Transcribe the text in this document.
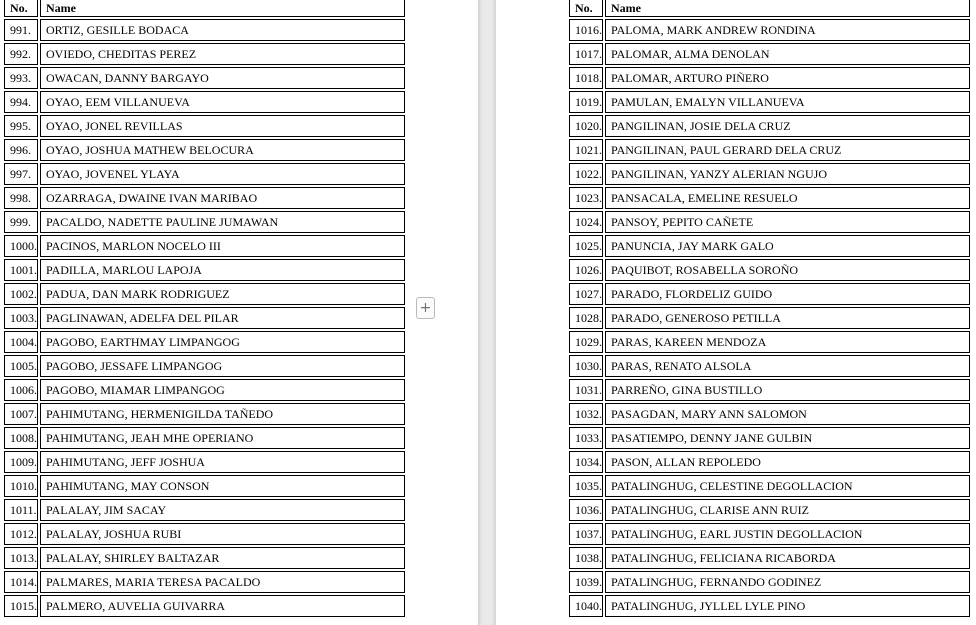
No.	Name
991.	ORTIZ, GESILLE BODACA
992.	OVIEDO, CHEDITAS PEREZ
993.	OWACAN, DANNY BARGAYO
994.	OYAO, EEM VILLANUEVA
995.	OYAO, JONEL REVILLAS
996.	OYAO, JOSHUA MATHEW BELOCURA
997.	OYAO, JOVENEL YLAYA
998.	OZARRAGA, DWAINE IVAN MARIBAO
999.	PACALDO, NADETTE PAULINE JUMAWAN
1000.	PACINOS, MARLON NOCELO III
1001.	PADILLA, MARLOU LAPOJA
1002.	PADUA, DAN MARK RODRIGUEZ
1003.	PAGLINAWAN, ADELFA DEL PILAR
1004.	PAGOBO, EARTHMAY LIMPANGOG
1005.	PAGOBO, JESSAFE LIMPANGOG
1006.	PAGOBO, MIAMAR LIMPANGOG
1007.	PAHIMUTANG, HERMENIGILDA TAÑEDO
1008.	PAHIMUTANG, JEAH MHE OPERIANO
1009.	PAHIMUTANG, JEFF JOSHUA
1010.	PAHIMUTANG, MAY CONSON
1011.	PALALAY, JIM SACAY
1012.	PALALAY, JOSHUA RUBI
1013.	PALALAY, SHIRLEY BALTAZAR
1014.	PALMARES, MARIA TERESA PACALDO
1015.	PALMERO, AUVELIA GUIVARRA
No.	Name
1016.	PALOMA, MARK ANDREW RONDINA
1017.	PALOMAR, ALMA DENOLAN
1018.	PALOMAR, ARTURO PIÑERO
1019.	PAMULAN, EMALYN VILLANUEVA
1020.	PANGILINAN, JOSIE DELA CRUZ
1021.	PANGILINAN, PAUL GERARD DELA CRUZ
1022.	PANGILINAN, YANZY ALERIAN NGUJO
1023.	PANSACALA, EMELINE RESUELO
1024.	PANSOY, PEPITO CAÑETE
1025.	PANUNCIA, JAY MARK GALO
1026.	PAQUIBOT, ROSABELLA SOROÑO
1027.	PARADO, FLORDELIZ GUIDO
1028.	PARADO, GENEROSO PETILLA
1029.	PARAS, KAREEN MENDOZA
1030.	PARAS, RENATO ALSOLA
1031.	PARREÑO, GINA BUSTILLO
1032.	PASAGDAN, MARY ANN SALOMON
1033.	PASATIEMPO, DENNY JANE GULBIN
1034.	PASON, ALLAN REPOLEDO
1035.	PATALINGHUG, CELESTINE DEGOLLACION
1036.	PATALINGHUG, CLARISE ANN RUIZ
1037.	PATALINGHUG, EARL JUSTIN DEGOLLACION
1038.	PATALINGHUG, FELICIANA RICABORDA
1039.	PATALINGHUG, FERNANDO GODINEZ
1040.	PATALINGHUG, JYLLEL LYLE PINO
+
